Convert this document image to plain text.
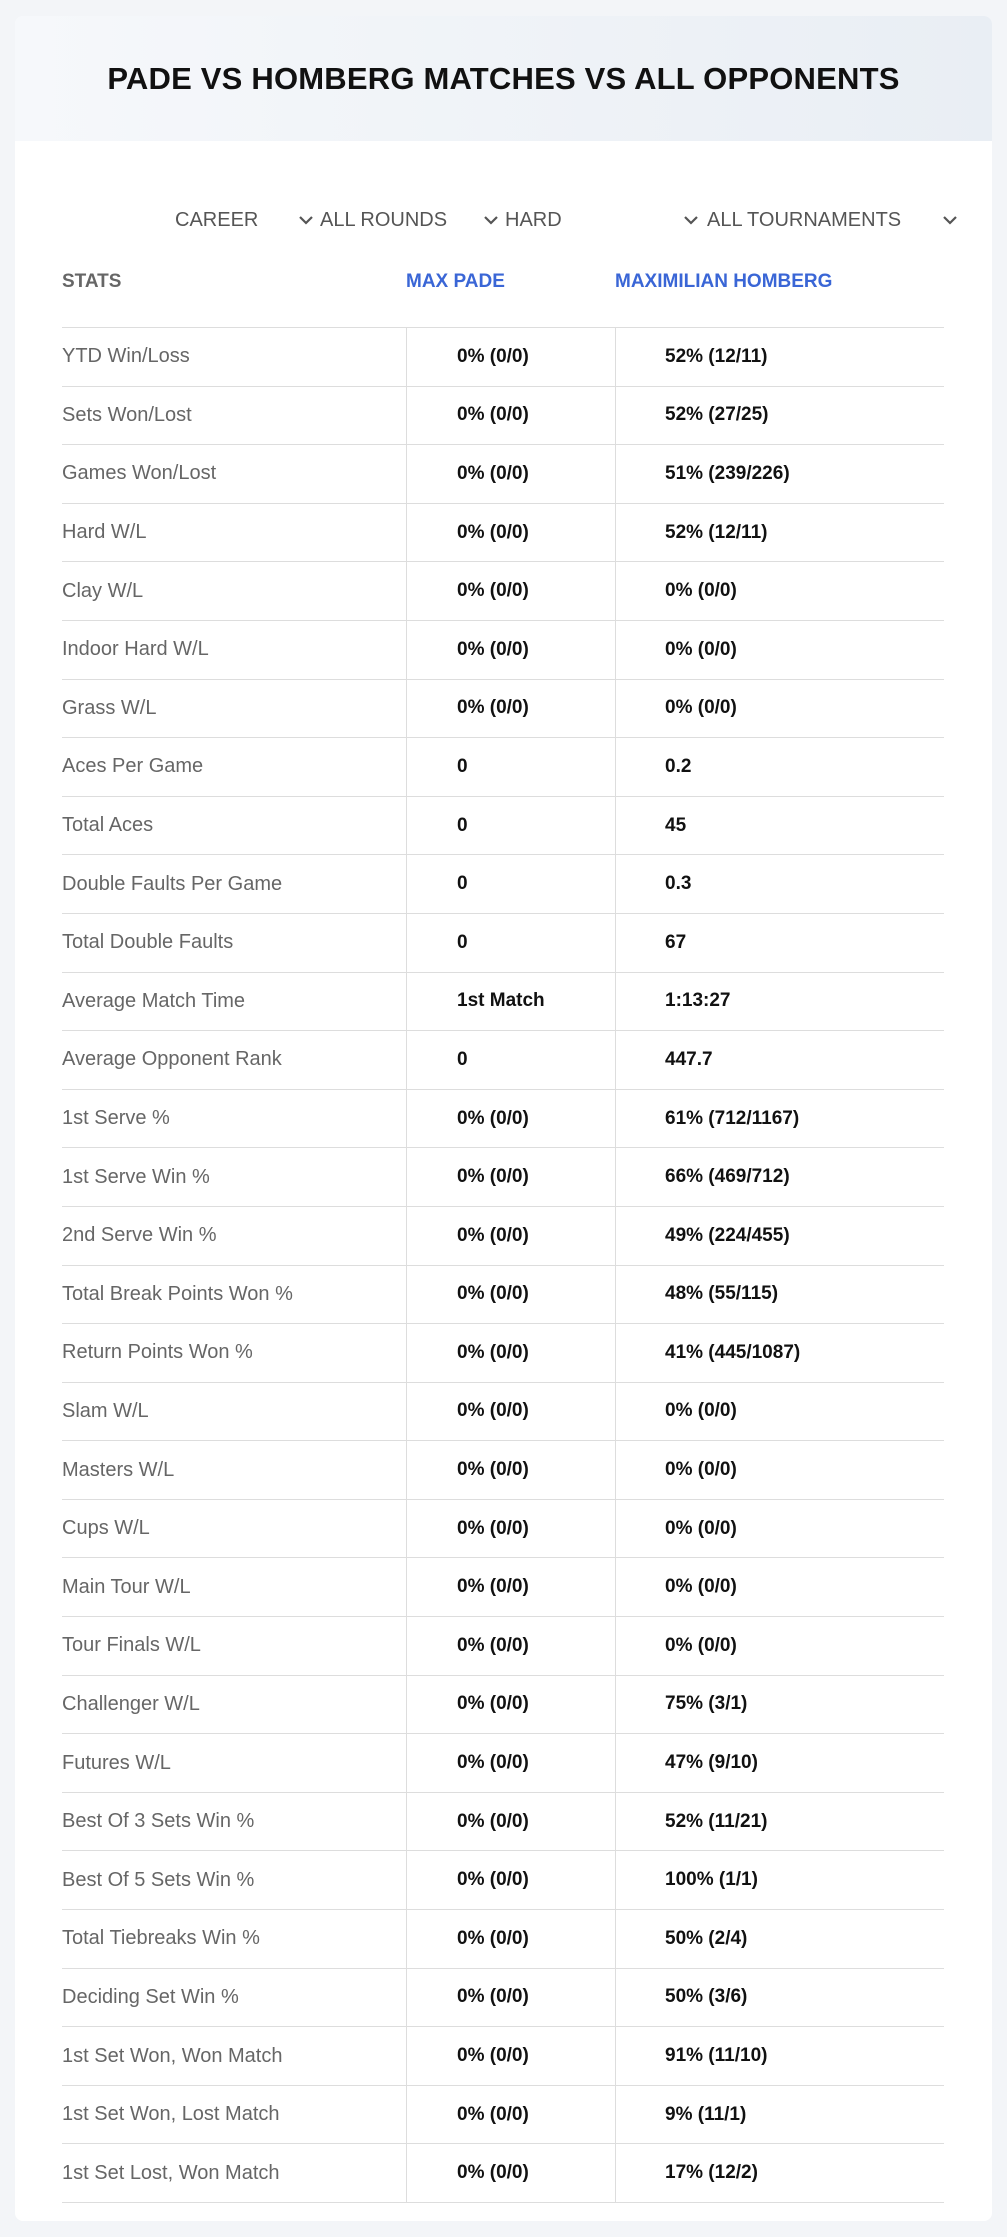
PADE VS HOMBERG MATCHES VS ALL OPPONENTS
CAREER	ALL ROUNDS	HARD	ALL TOURNAMENTS
STATS	MAX PADE	MAXIMILIAN HOMBERG
YTD Win/Loss	0% (0/0)	52% (12/11)
Sets Won/Lost	0% (0/0)	52% (27/25)
Games Won/Lost	0% (0/0)	51% (239/226)
Hard W/L	0% (0/0)	52% (12/11)
Clay W/L	0% (0/0)	0% (0/0)
Indoor Hard W/L	0% (0/0)	0% (0/0)
Grass W/L	0% (0/0)	0% (0/0)
Aces Per Game	0	0.2
Total Aces	0	45
Double Faults Per Game	0	0.3
Total Double Faults	0	67
Average Match Time	1st Match	1:13:27
Average Opponent Rank	0	447.7
1st Serve %	0% (0/0)	61% (712/1167)
1st Serve Win %	0% (0/0)	66% (469/712)
2nd Serve Win %	0% (0/0)	49% (224/455)
Total Break Points Won %	0% (0/0)	48% (55/115)
Return Points Won %	0% (0/0)	41% (445/1087)
Slam W/L	0% (0/0)	0% (0/0)
Masters W/L	0% (0/0)	0% (0/0)
Cups W/L	0% (0/0)	0% (0/0)
Main Tour W/L	0% (0/0)	0% (0/0)
Tour Finals W/L	0% (0/0)	0% (0/0)
Challenger W/L	0% (0/0)	75% (3/1)
Futures W/L	0% (0/0)	47% (9/10)
Best Of 3 Sets Win %	0% (0/0)	52% (11/21)
Best Of 5 Sets Win %	0% (0/0)	100% (1/1)
Total Tiebreaks Win %	0% (0/0)	50% (2/4)
Deciding Set Win %	0% (0/0)	50% (3/6)
1st Set Won, Won Match	0% (0/0)	91% (11/10)
1st Set Won, Lost Match	0% (0/0)	9% (11/1)
1st Set Lost, Won Match	0% (0/0)	17% (12/2)
